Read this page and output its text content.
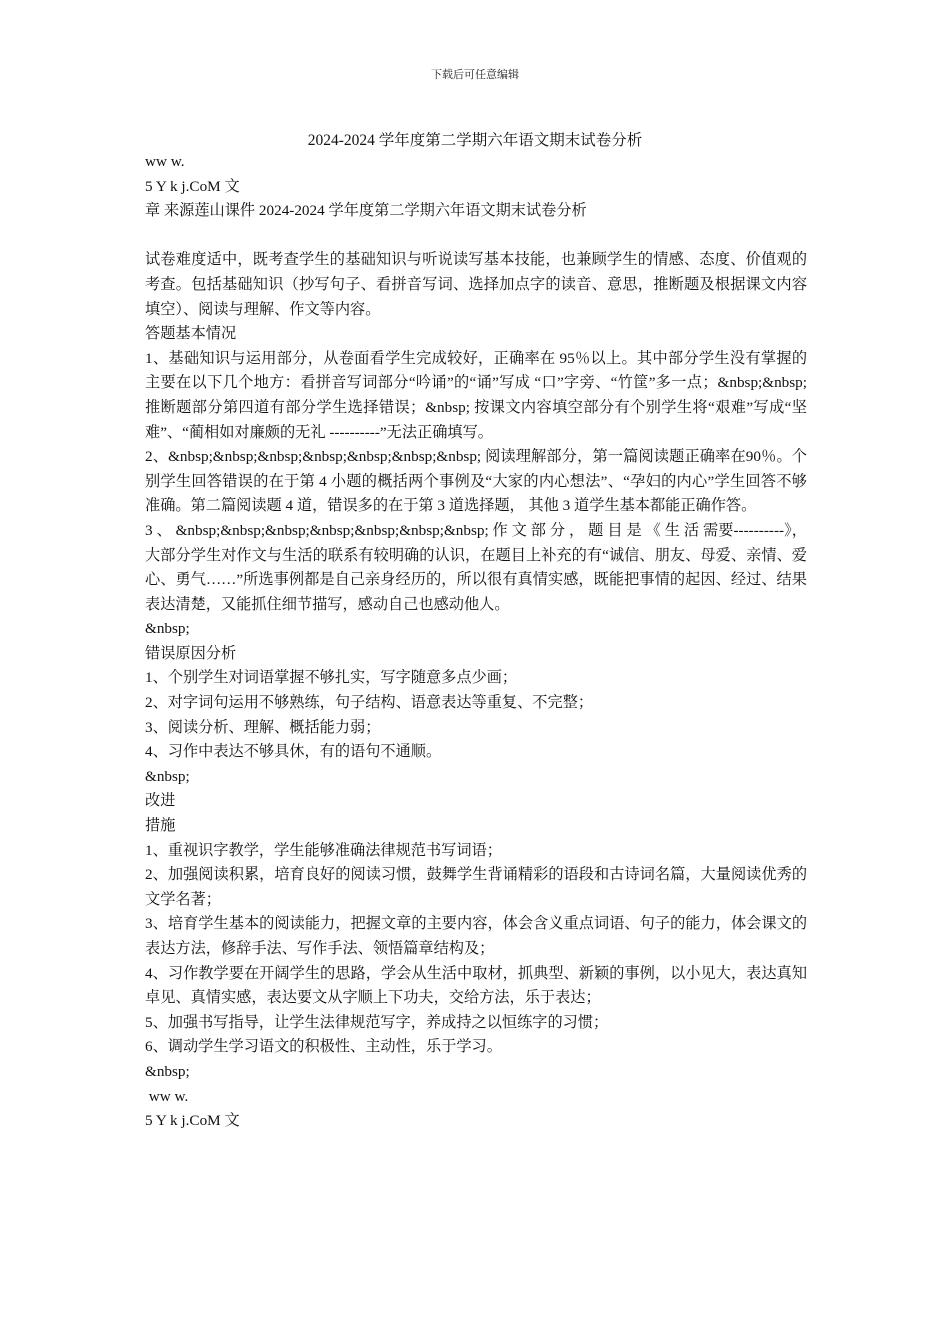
下载后可任意编辑
2024-2024 学年度第二学期六年语文期末试卷分析

ww w.

5 Y k j.CoM 文

章 来源莲山课件 2024-2024 学年度第二学期六年语文期末试卷分析

试卷难度适中，既考查学生的基础知识与听说读写基本技能，也兼顾学生的情感、态度、价值观的考查。包括基础知识（抄写句子、看拼音写词、选择加点字的读音、意思，推断题及根据课文内容填空）、阅读与理解、作文等内容。

答题基本情况

1、基础知识与运用部分，从卷面看学生完成较好，正确率在 95％以上。其中部分学生没有掌握的主要在以下几个地方：看拼音写词部分“吟诵”的“诵”写成 “口”字旁、“竹筐”多一点；&nbsp;&nbsp; 推断题部分第四道有部分学生选择错误；&nbsp; 按课文内容填空部分有个别学生将“艰难”写成“坚难”、“蔺相如对廉颇的无礼 ----------”无法正确填写。

2、&nbsp;&nbsp;&nbsp;&nbsp;&nbsp;&nbsp;&nbsp; 阅读理解部分，第一篇阅读题正确率在90％。个别学生回答错误的在于第 4 小题的概括两个事例及“大家的内心想法”、“孕妇的内心”学生回答不够准确。第二篇阅读题 4 道，错误多的在于第 3 道选择题， 其他 3 道学生基本都能正确作答。

3 、 &nbsp;&nbsp;&nbsp;&nbsp;&nbsp;&nbsp;&nbsp; 作 文 部 分 ， 题 目 是 《 生 活 需要----------》，大部分学生对作文与生活的联系有较明确的认识，在题目上补充的有“诚信、朋友、母爱、亲情、爱心、勇气……”所选事例都是自己亲身经历的，所以很有真情实感，既能把事情的起因、经过、结果表达清楚，又能抓住细节描写，感动自己也感动他人。

&nbsp;

错误原因分析

1、个别学生对词语掌握不够扎实，写字随意多点少画；

2、对字词句运用不够熟练，句子结构、语意表达等重复、不完整；

3、阅读分析、理解、概括能力弱；

4、习作中表达不够具休，有的语句不通顺。

&nbsp;

改进

措施

1、重视识字教学，学生能够准确法律规范书写词语；

2、加强阅读积累，培育良好的阅读习惯，鼓舞学生背诵精彩的语段和古诗词名篇，大量阅读优秀的文学名著；

3、培育学生基本的阅读能力，把握文章的主要内容，体会含义重点词语、句子的能力，体会课文的表达方法，修辞手法、写作手法、领悟篇章结构及；

4、习作教学要在开阔学生的思路，学会从生活中取材，抓典型、新颖的事例，以小见大，表达真知卓见、真情实感，表达要文从字顺上下功夫，交给方法，乐于表达；

5、加强书写指导，让学生法律规范写字，养成持之以恒练字的习惯；

6、调动学生学习语文的积极性、主动性，乐于学习。

&nbsp;

ww w.

5 Y k j.CoM 文
